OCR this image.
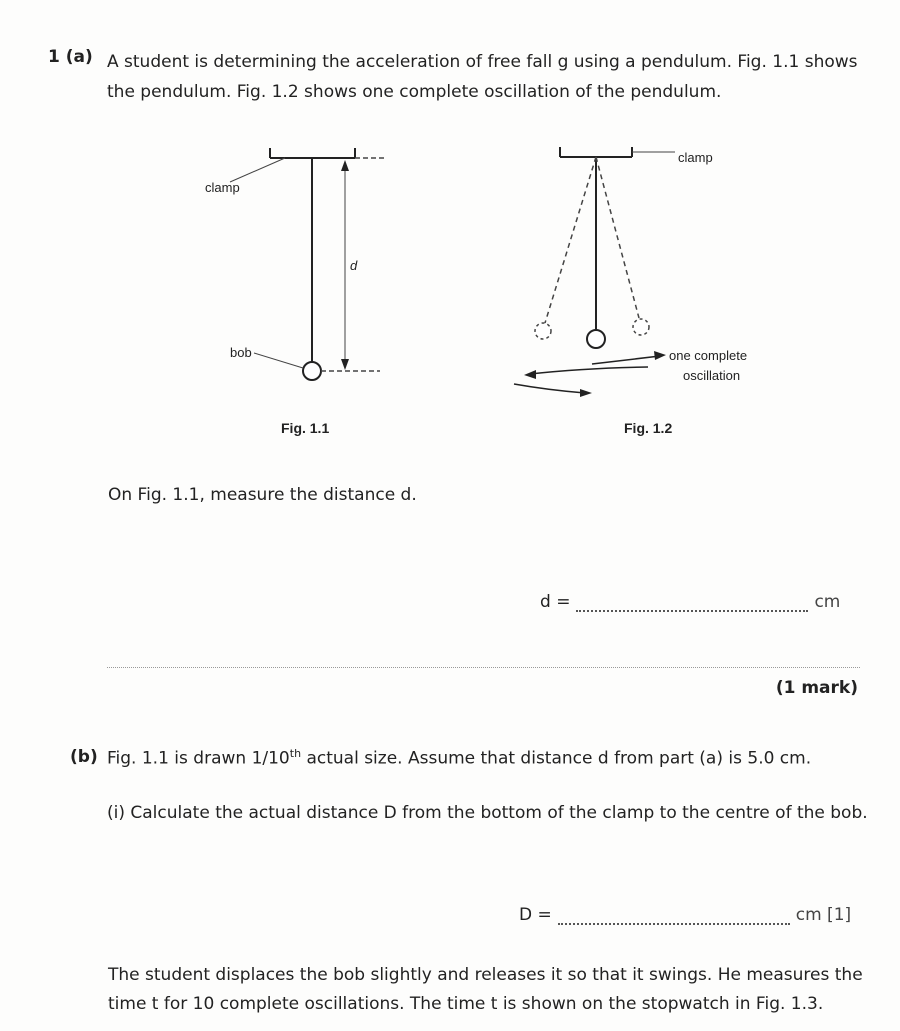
1 (a) A student is determining the acceleration of free fall g using a pendulum. Fig. 1.1 shows the pendulum. Fig. 1.2 shows one complete oscillation of the pendulum.
clamp
d
bob
Fig. 1.1
clamp
one complete
oscillation
Fig. 1.2
On Fig. 1.1, measure the distance d.
d =	cm
(1 mark)
(b) Fig. 1.1 is drawn 1/10th actual size. Assume that distance d from part (a) is 5.0 cm.
(i) Calculate the actual distance D from the bottom of the clamp to the centre of the bob.
D =	cm [1]
The student displaces the bob slightly and releases it so that it swings. He measures the time t for 10 complete oscillations. The time t is shown on the stopwatch in Fig. 1.3.
